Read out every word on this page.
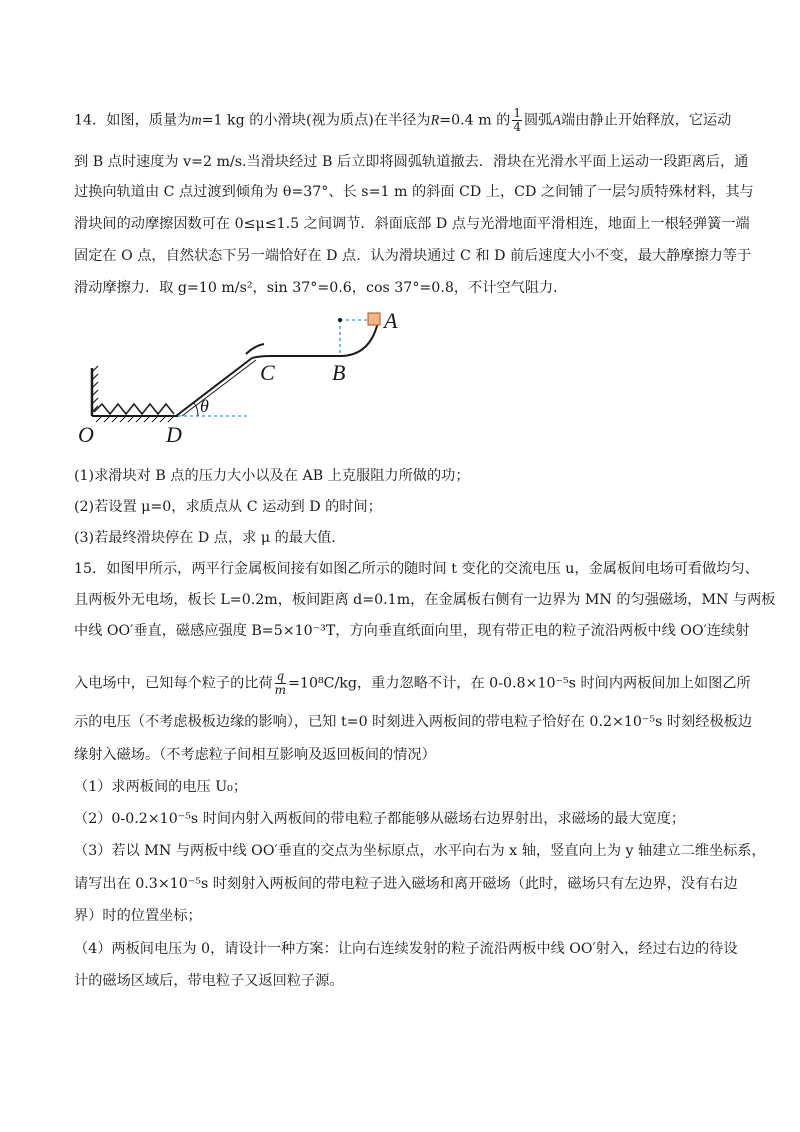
14．如图，质量为m=1 kg 的小滑块(视为质点)在半径为R=0.4 m 的 $\frac{1}{4}$ 圆弧A端由静止开始释放，它运动
到 B 点时速度为 v=2 m/s.当滑块经过 B 后立即将圆弧轨道撤去．滑块在光滑水平面上运动一段距离后，通
过换向轨道由 C 点过渡到倾角为 θ=37°、长 s=1 m 的斜面 CD 上，CD 之间铺了一层匀质特殊材料，其与
滑块间的动摩擦因数可在 0≤μ≤1.5 之间调节．斜面底部 D 点与光滑地面平滑相连，地面上一根轻弹簧一端
固定在 O 点，自然状态下另一端恰好在 D 点．认为滑块通过 C 和 D 前后速度大小不变，最大静摩擦力等于
滑动摩擦力．取 g=10 m/s²，sin 37°=0.6，cos 37°=0.8，不计空气阻力．
A
B
C
O	D
θ
(1)求滑块对 B 点的压力大小以及在 AB 上克服阻力所做的功；
(2)若设置 μ=0，求质点从 C 运动到 D 的时间；
(3)若最终滑块停在 D 点，求 μ 的最大值．
15．如图甲所示，两平行金属板间接有如图乙所示的随时间 t 变化的交流电压 u，金属板间电场可看做均匀、
且两板外无电场，板长 L=0.2m，板间距离 d=0.1m，在金属板右侧有一边界为 MN 的匀强磁场，MN 与两板
中线 OO′垂直，磁感应强度 B=5×10⁻³T，方向垂直纸面向里，现有带正电的粒子流沿两板中线 OO′连续射
入电场中，已知每个粒子的比荷 $\frac{q}{m} =10^8C/kg$，重力忽略不计，在 0-0.8×10⁻⁵s 时间内两板间加上如图乙所
示的电压（不考虑极板边缘的影响），已知 t=0 时刻进入两板间的带电粒子恰好在 0.2×10⁻⁵s 时刻经极板边
缘射入磁场。（不考虑粒子间相互影响及返回板间的情况）
（1）求两板间的电压 U₀；
（2）0-0.2×10⁻⁵s 时间内射入两板间的带电粒子都能够从磁场右边界射出，求磁场的最大宽度；
（3）若以 MN 与两板中线 OO′垂直的交点为坐标原点，水平向右为 x 轴，竖直向上为 y 轴建立二维坐标系，
请写出在 0.3×10⁻⁵s 时刻射入两板间的带电粒子进入磁场和离开磁场（此时，磁场只有左边界，没有右边
界）时的位置坐标；
（4）两板间电压为 0，请设计一种方案：让向右连续发射的粒子流沿两板中线 OO′射入，经过右边的待设
计的磁场区域后，带电粒子又返回粒子源。
